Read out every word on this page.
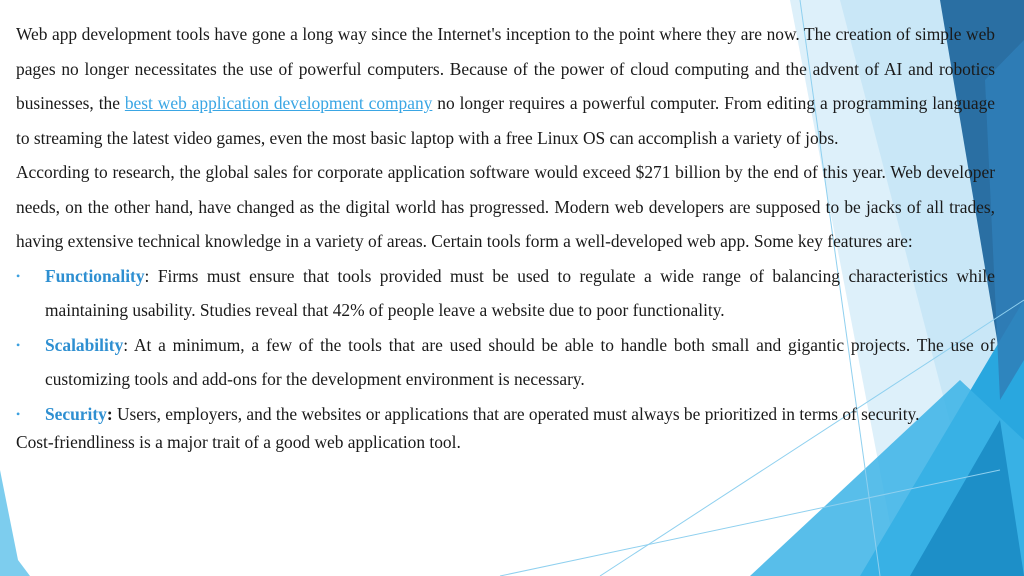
Web app development tools have gone a long way since the Internet's inception to the point where they are now. The creation of simple web pages no longer necessitates the use of powerful computers. Because of the power of cloud computing and the advent of AI and robotics businesses, the best web application development company no longer requires a powerful computer. From editing a programming language to streaming the latest video games, even the most basic laptop with a free Linux OS can accomplish a variety of jobs.

According to research, the global sales for corporate application software would exceed $271 billion by the end of this year. Web developer needs, on the other hand, have changed as the digital world has progressed. Modern web developers are supposed to be jacks of all trades, having extensive technical knowledge in a variety of areas. Certain tools form a well-developed web app. Some key features are:

• Functionality: Firms must ensure that tools provided must be used to regulate a wide range of balancing characteristics while maintaining usability. Studies reveal that 42% of people leave a website due to poor functionality.
• Scalability: At a minimum, a few of the tools that are used should be able to handle both small and gigantic projects. The use of customizing tools and add-ons for the development environment is necessary.
• Security: Users, employers, and the websites or applications that are operated must always be prioritized in terms of security.

Cost-friendliness is a major trait of a good web application tool.
